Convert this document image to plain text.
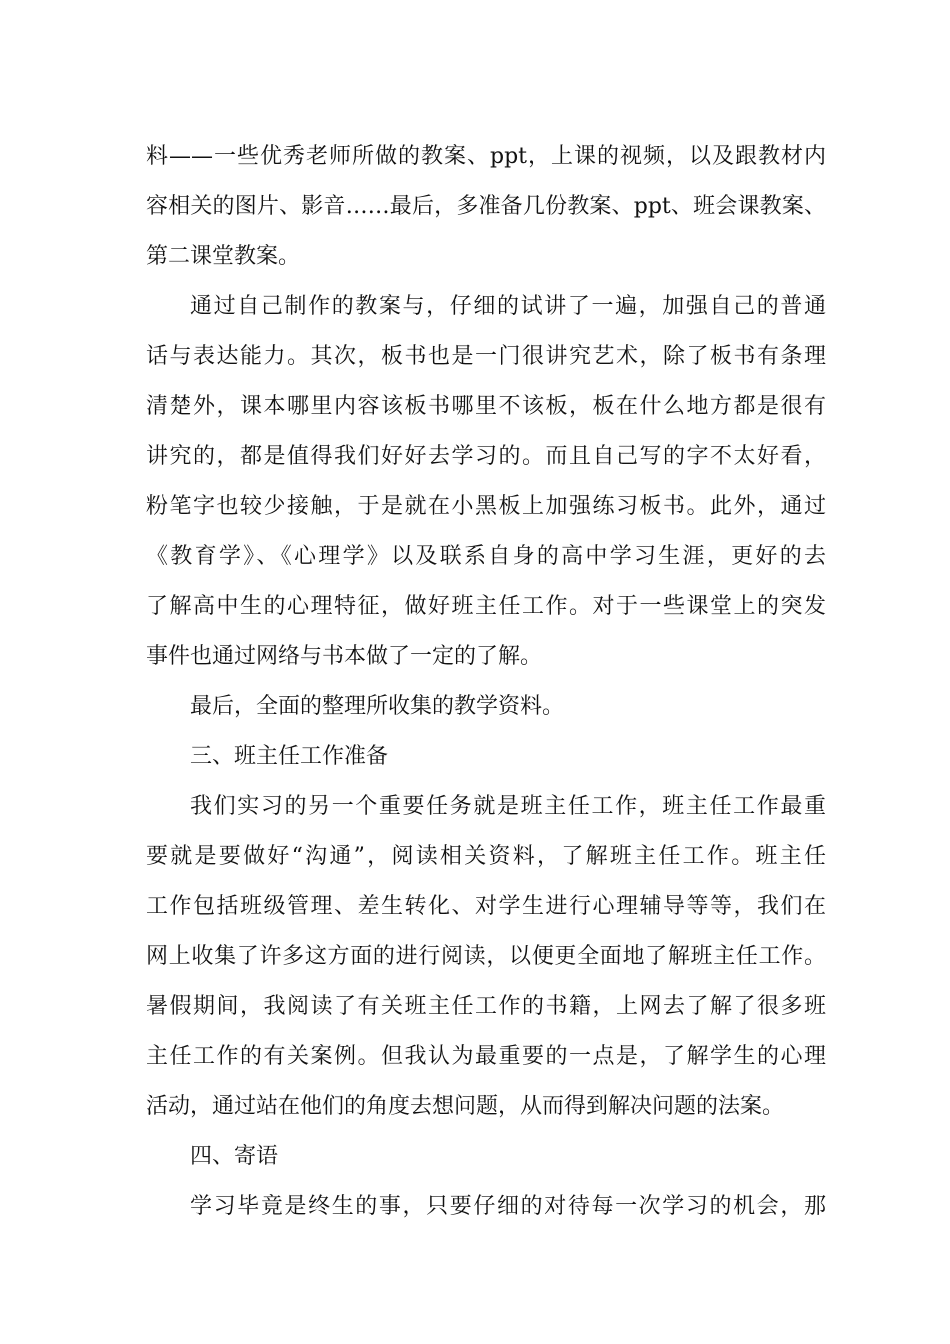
料——一些优秀老师所做的教案、ppt，上课的视频，以及跟教材内
容相关的图片、影音……最后，多准备几份教案、ppt、班会课教案、
第二课堂教案。
通过自己制作的教案与，仔细的试讲了一遍，加强自己的普通
话与表达能力。其次，板书也是一门很讲究艺术，除了板书有条理
清楚外，课本哪里内容该板书哪里不该板，板在什么地方都是很有
讲究的，都是值得我们好好去学习的。而且自己写的字不太好看，
粉笔字也较少接触，于是就在小黑板上加强练习板书。此外，通过
《教育学》、《心理学》以及联系自身的高中学习生涯，更好的去
了解高中生的心理特征，做好班主任工作。对于一些课堂上的突发
事件也通过网络与书本做了一定的了解。
最后，全面的整理所收集的教学资料。
三、班主任工作准备
我们实习的另一个重要任务就是班主任工作，班主任工作最重
要就是要做好“沟通”，阅读相关资料，了解班主任工作。班主任
工作包括班级管理、差生转化、对学生进行心理辅导等等，我们在
网上收集了许多这方面的进行阅读，以便更全面地了解班主任工作。
暑假期间，我阅读了有关班主任工作的书籍，上网去了解了很多班
主任工作的有关案例。但我认为最重要的一点是，了解学生的心理
活动，通过站在他们的角度去想问题，从而得到解决问题的法案。
四、寄语
学习毕竟是终生的事，只要仔细的对待每一次学习的机会，那
